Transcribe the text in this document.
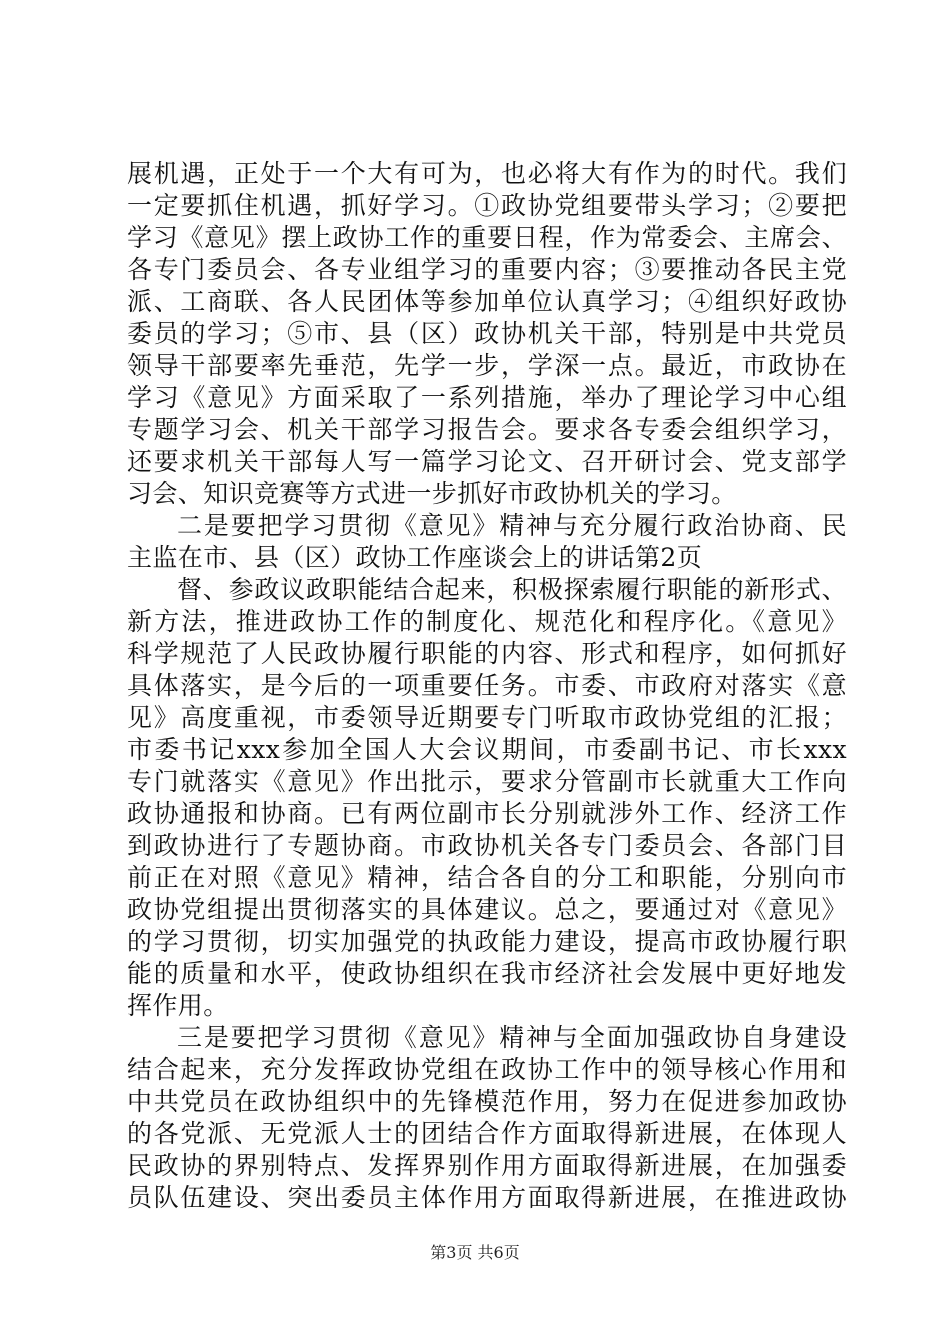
展机遇，正处于一个大有可为，也必将大有作为的时代。我们
一定要抓住机遇，抓好学习。①政协党组要带头学习；②要把
学习《意见》摆上政协工作的重要日程，作为常委会、主席会、
各专门委员会、各专业组学习的重要内容；③要推动各民主党
派、工商联、各人民团体等参加单位认真学习；④组织好政协
委员的学习；⑤市、县（区）政协机关干部，特别是中共党员
领导干部要率先垂范，先学一步，学深一点。最近，市政协在
学习《意见》方面采取了一系列措施，举办了理论学习中心组
专题学习会、机关干部学习报告会。要求各专委会组织学习，
还要求机关干部每人写一篇学习论文、召开研讨会、党支部学
习会、知识竞赛等方式进一步抓好市政协机关的学习。
二是要把学习贯彻《意见》精神与充分履行政治协商、民
主监在市、县（区）政协工作座谈会上的讲话第2页
督、参政议政职能结合起来，积极探索履行职能的新形式、
新方法，推进政协工作的制度化、规范化和程序化。《意见》
科学规范了人民政协履行职能的内容、形式和程序，如何抓好
具体落实，是今后的一项重要任务。市委、市政府对落实《意
见》高度重视，市委领导近期要专门听取市政协党组的汇报；
市委书记xxx参加全国人大会议期间，市委副书记、市长xxx
专门就落实《意见》作出批示，要求分管副市长就重大工作向
政协通报和协商。已有两位副市长分别就涉外工作、经济工作
到政协进行了专题协商。市政协机关各专门委员会、各部门目
前正在对照《意见》精神，结合各自的分工和职能，分别向市
政协党组提出贯彻落实的具体建议。总之，要通过对《意见》
的学习贯彻，切实加强党的执政能力建设，提高市政协履行职
能的质量和水平，使政协组织在我市经济社会发展中更好地发
挥作用。
三是要把学习贯彻《意见》精神与全面加强政协自身建设
结合起来，充分发挥政协党组在政协工作中的领导核心作用和
中共党员在政协组织中的先锋模范作用，努力在促进参加政协
的各党派、无党派人士的团结合作方面取得新进展，在体现人
民政协的界别特点、发挥界别作用方面取得新进展，在加强委
员队伍建设、突出委员主体作用方面取得新进展，在推进政协
第3页 共6页
